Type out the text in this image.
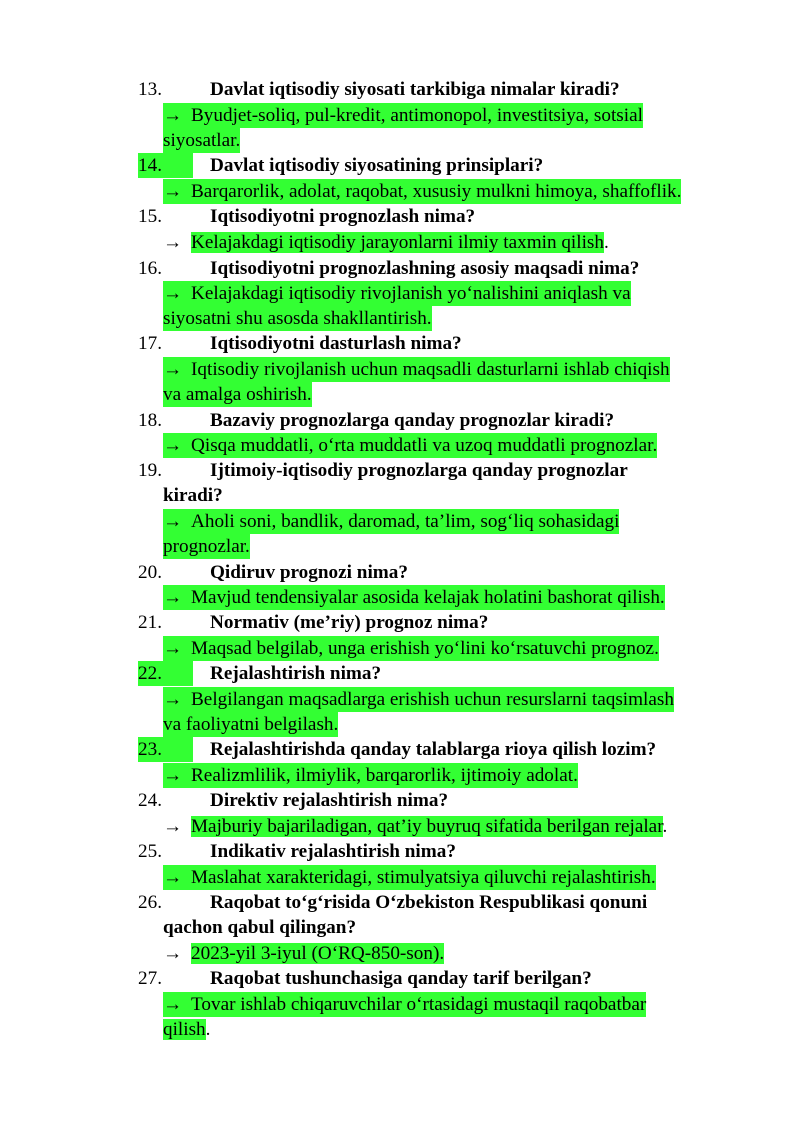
13.	Davlat iqtisodiy siyosati tarkibiga nimalar kiradi?
→ Byudjet-soliq, pul-kredit, antimonopol, investitsiya, sotsial
siyosatlar.
14.	Davlat iqtisodiy siyosatining prinsiplari?
→ Barqarorlik, adolat, raqobat, xususiy mulkni himoya, shaffoflik.
15.	Iqtisodiyotni prognozlash nima?
→ Kelajakdagi iqtisodiy jarayonlarni ilmiy taxmin qilish.
16.	Iqtisodiyotni prognozlashning asosiy maqsadi nima?
→ Kelajakdagi iqtisodiy rivojlanish yo‘nalishini aniqlash va
siyosatni shu asosda shakllantirish.
17.	Iqtisodiyotni dasturlash nima?
→ Iqtisodiy rivojlanish uchun maqsadli dasturlarni ishlab chiqish
va amalga oshirish.
18.	Bazaviy prognozlarga qanday prognozlar kiradi?
→ Qisqa muddatli, o‘rta muddatli va uzoq muddatli prognozlar.
19.	Ijtimoiy-iqtisodiy prognozlarga qanday prognozlar
kiradi?
→ Aholi soni, bandlik, daromad, ta’lim, sog‘liq sohasidagi
prognozlar.
20.	Qidiruv prognozi nima?
→ Mavjud tendensiyalar asosida kelajak holatini bashorat qilish.
21.	Normativ (me’riy) prognoz nima?
→ Maqsad belgilab, unga erishish yo‘lini ko‘rsatuvchi prognoz.
22.	Rejalashtirish nima?
→ Belgilangan maqsadlarga erishish uchun resurslarni taqsimlash
va faoliyatni belgilash.
23.	Rejalashtirishda qanday talablarga rioya qilish lozim?
→ Realizmlilik, ilmiylik, barqarorlik, ijtimoiy adolat.
24.	Direktiv rejalashtirish nima?
→ Majburiy bajariladigan, qat’iy buyruq sifatida berilgan rejalar.
25.	Indikativ rejalashtirish nima?
→ Maslahat xarakteridagi, stimulyatsiya qiluvchi rejalashtirish.
26.	Raqobat to‘g‘risida O‘zbekiston Respublikasi qonuni
qachon qabul qilingan?
→ 2023-yil 3-iyul (O‘RQ-850-son).
27.	Raqobat tushunchasiga qanday tarif berilgan?
→ Tovar ishlab chiqaruvchilar o‘rtasidagi mustaqil raqobatbar
qilish.
